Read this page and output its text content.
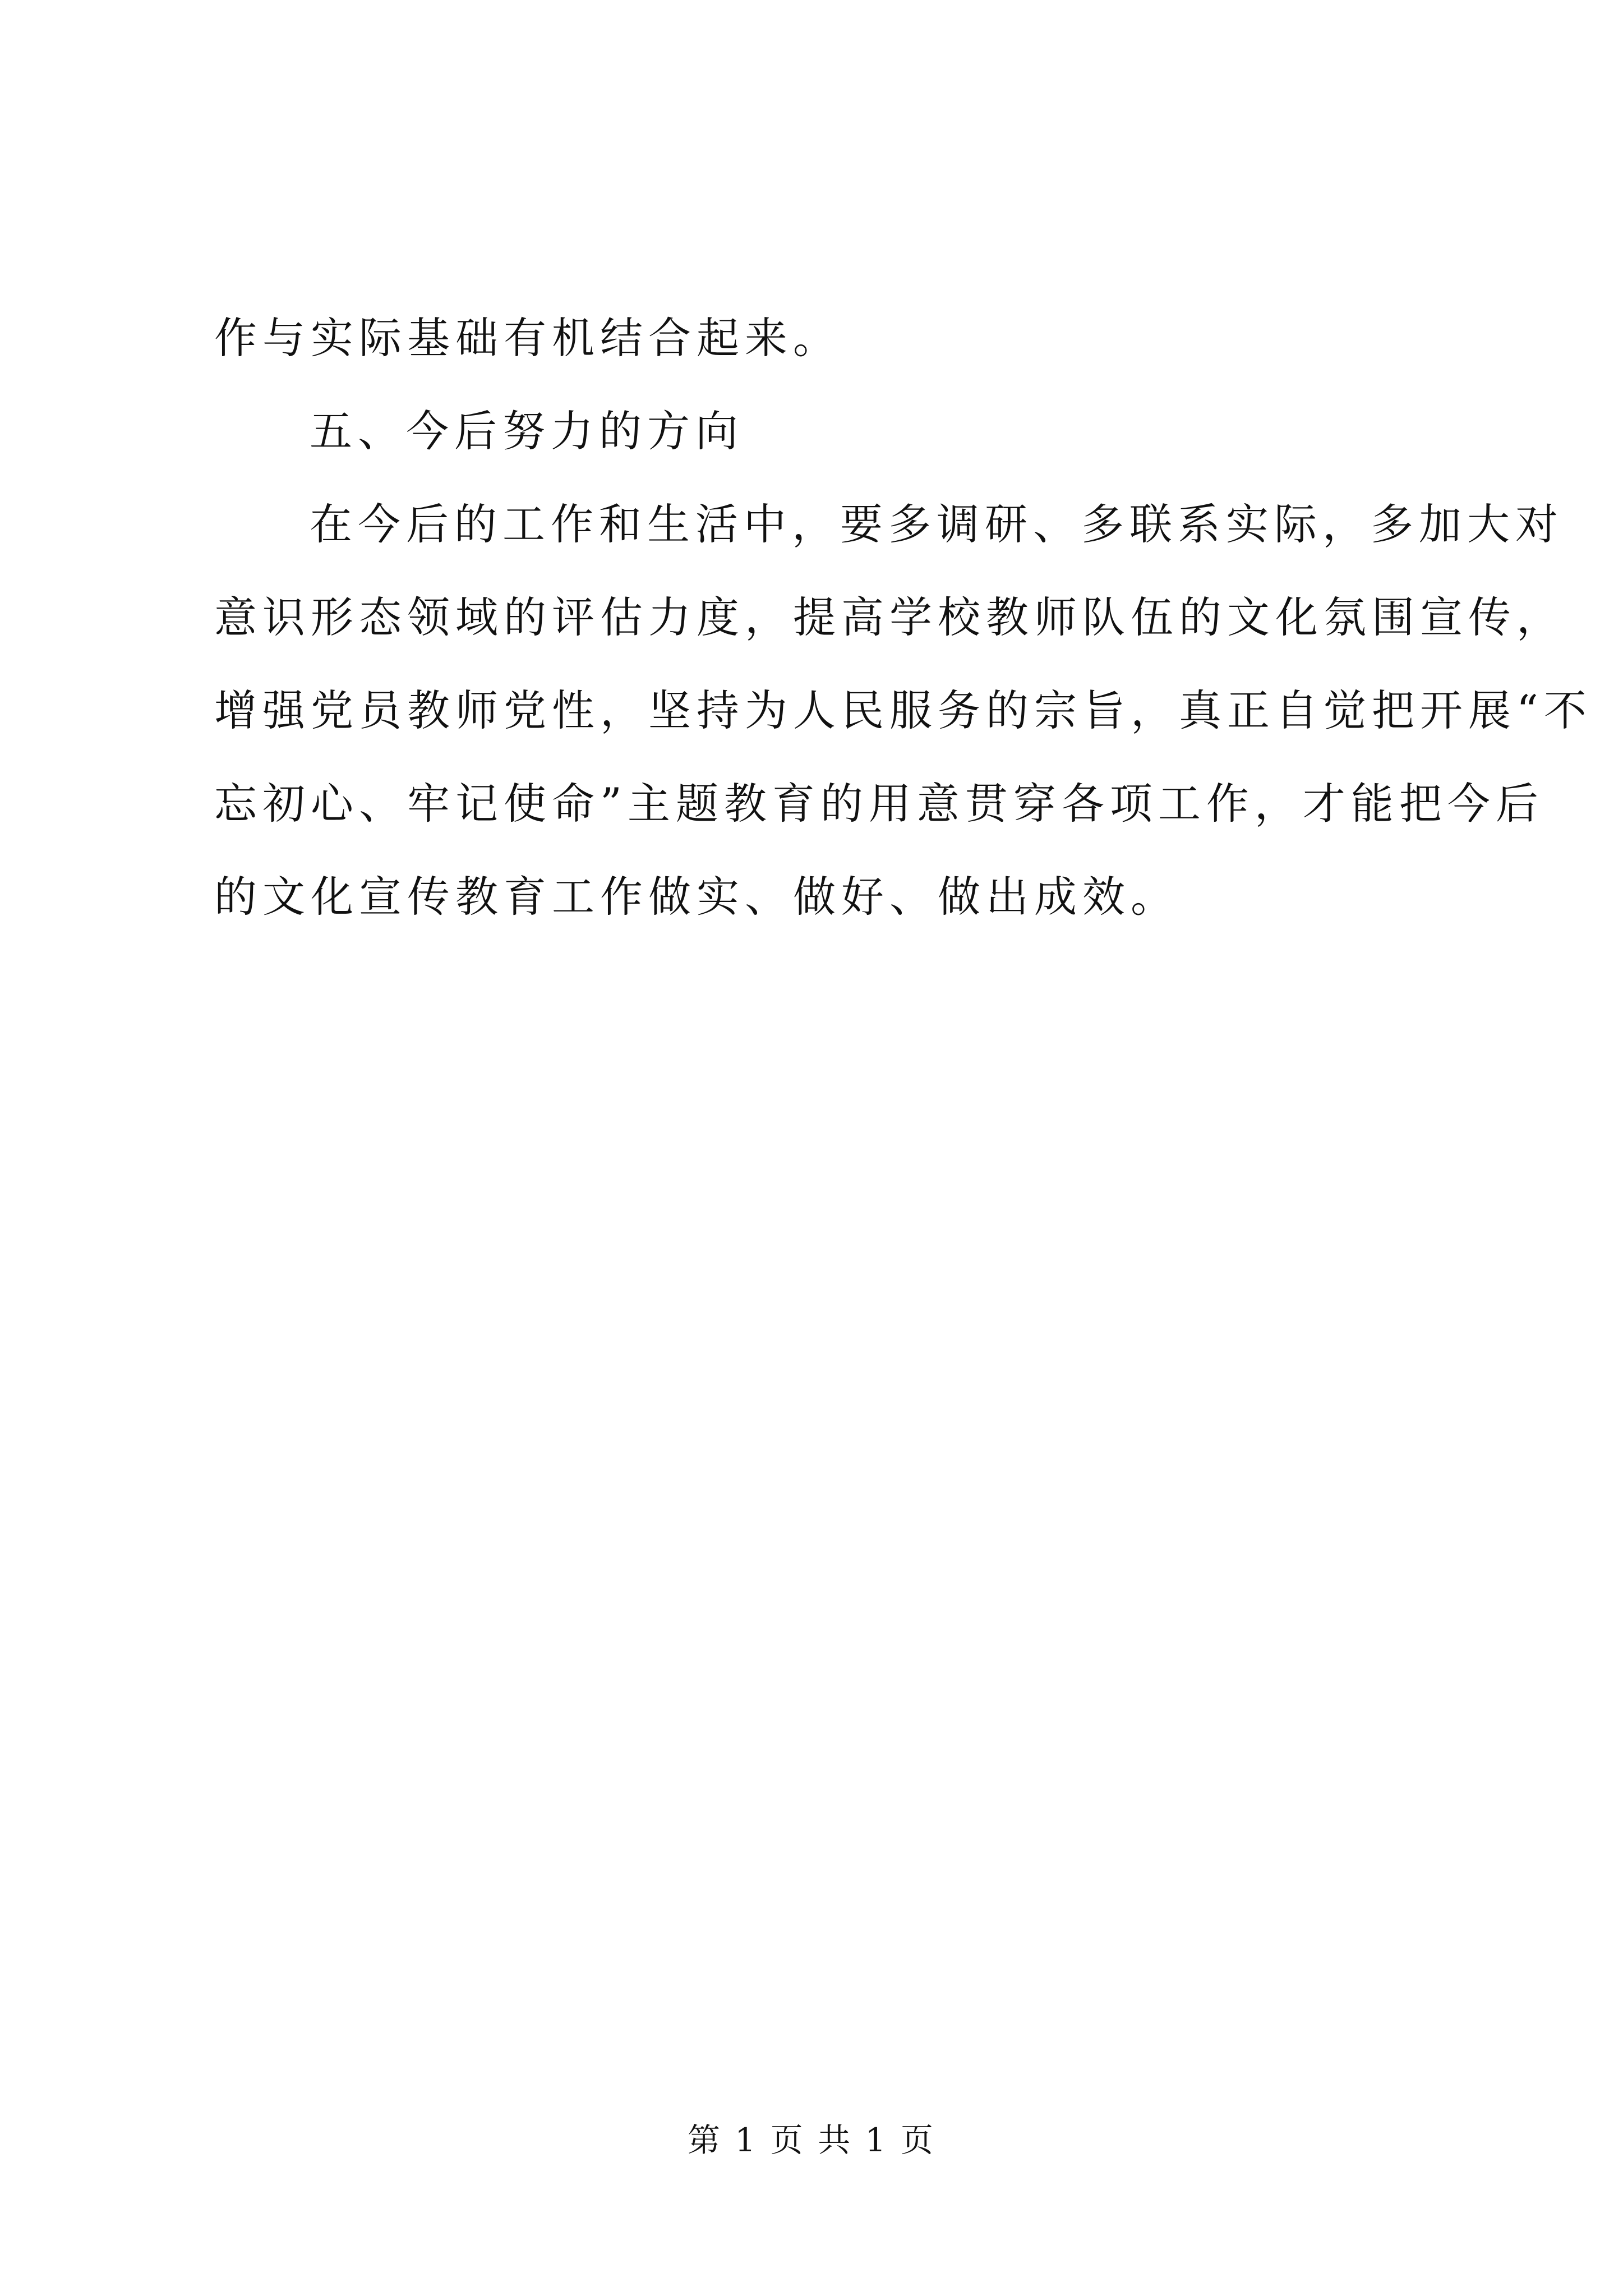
作与实际基础有机结合起来。
五、今后努力的方向
在今后的工作和生活中，要多调研、多联系实际，多加大对
意识形态领域的评估力度，提高学校教师队伍的文化氛围宣传，
增强党员教师党性，坚持为人民服务的宗旨，真正自觉把开展“不
忘初心、牢记使命”主题教育的用意贯穿各项工作，才能把今后
的文化宣传教育工作做实、做好、做出成效。
第 1 页 共 1 页
